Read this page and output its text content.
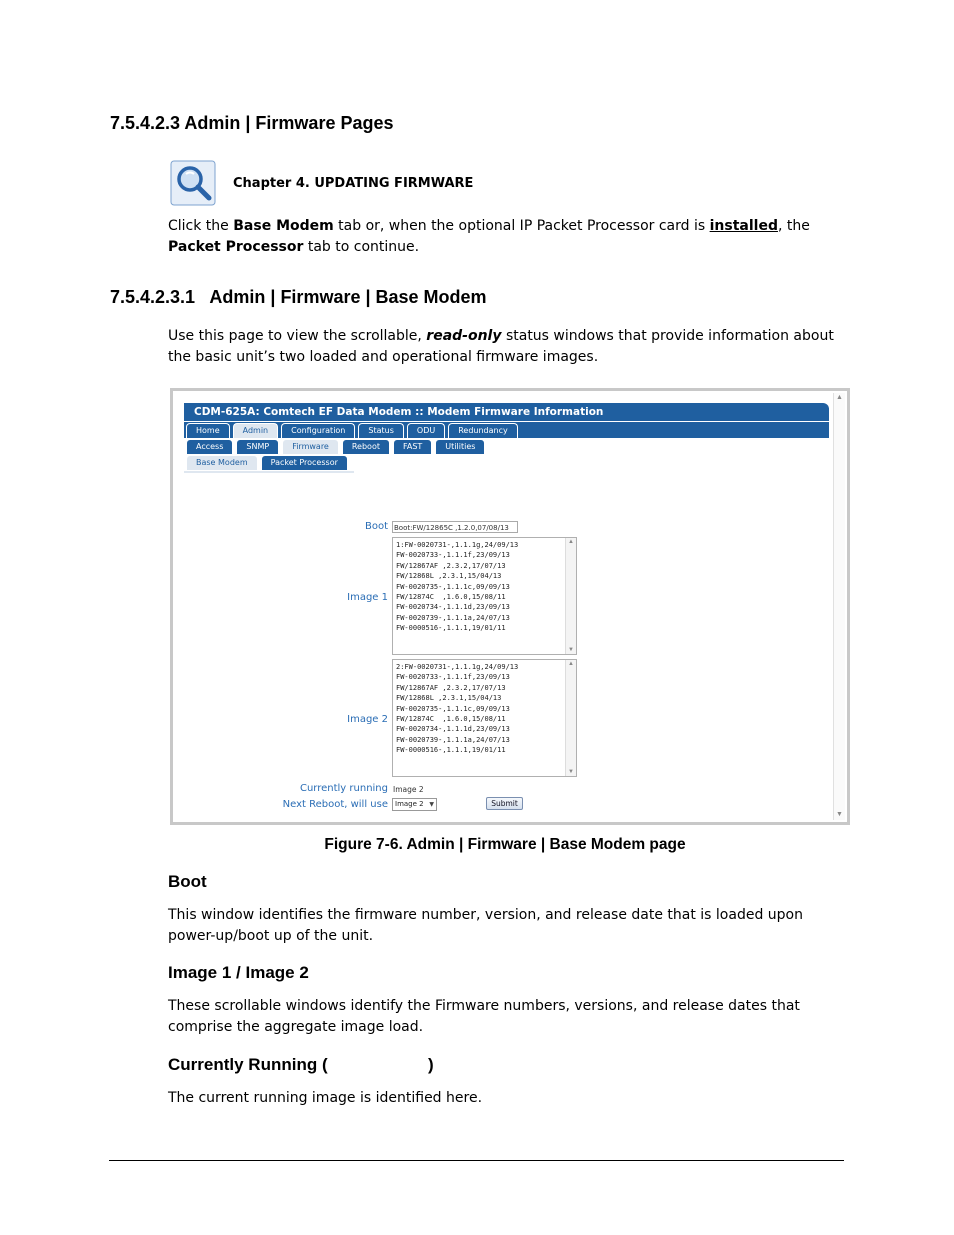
7.5.4.2.3 Admin | Firmware Pages
Chapter 4. UPDATING FIRMWARE
Click the Base Modem tab or, when the optional IP Packet Processor card is installed, the
Packet Processor tab to continue.
7.5.4.2.3.1   Admin | Firmware | Base Modem
Use this page to view the scrollable, read-only status windows that provide information about the basic unit’s two loaded and operational firmware images.
▲
▼
CDM-625A: Comtech EF Data Modem :: Modem Firmware Information
Home	Admin	Configuration	Status	ODU	Redundancy
Access	SNMP	Firmware	Reboot	FAST	Utilities
Base Modem	Packet Processor
Boot Boot:FW/12865C ,1.2.0,07/08/13
Image 1
1:FW-0020731-,1.1.1g,24/09/13
FW-0020733-,1.1.1f,23/09/13
FW/12867AF ,2.3.2,17/07/13
FW/12868L ,2.3.1,15/04/13
FW-0020735-,1.1.1c,09/09/13
FW/12874C  ,1.6.0,15/08/11
FW-0020734-,1.1.1d,23/09/13
FW-0020739-,1.1.1a,24/07/13
FW-0000516-,1.1.1,19/01/11
▲
▼
Image 2
2:FW-0020731-,1.1.1g,24/09/13
FW-0020733-,1.1.1f,23/09/13
FW/12867AF ,2.3.2,17/07/13
FW/12868L ,2.3.1,15/04/13
FW-0020735-,1.1.1c,09/09/13
FW/12874C  ,1.6.0,15/08/11
FW-0020734-,1.1.1d,23/09/13
FW-0020739-,1.1.1a,24/07/13
FW-0000516-,1.1.1,19/01/11
▲
▼
Currently running Image 2
Next Reboot, will use	Image 2 ▼	Submit
Figure 7-6. Admin | Firmware | Base Modem page
Boot
This window identifies the firmware number, version, and release date that is loaded upon power-up/boot up of the unit.
Image 1 / Image 2
These scrollable windows identify the Firmware numbers, versions, and release dates that comprise the aggregate image load.
Currently Running (	)
The current running image is identified here.
